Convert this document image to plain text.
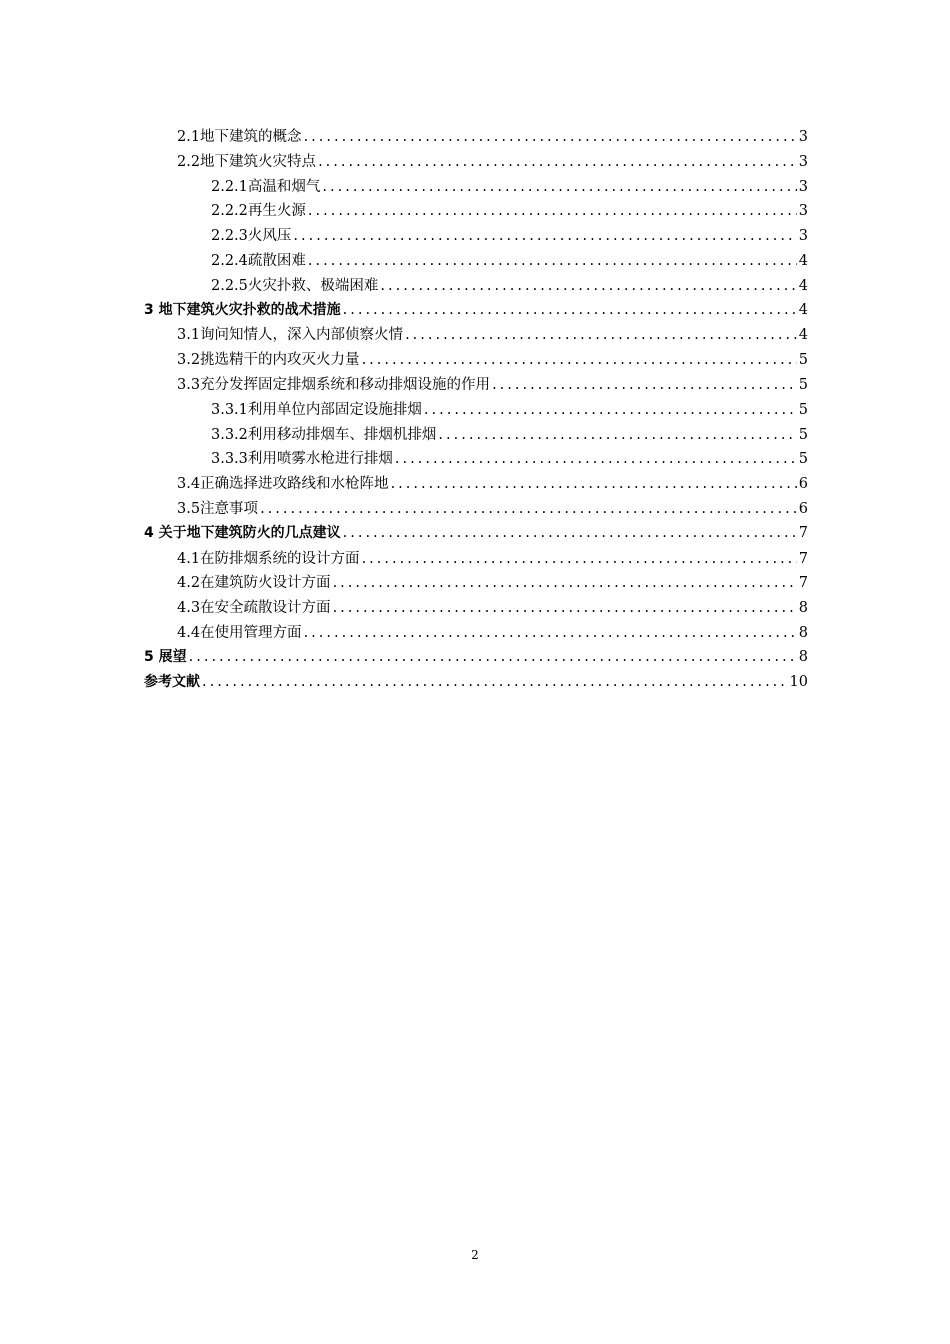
2.1地下建筑的概念 .....	3
2.2地下建筑火灾特点 .....	3
2.2.1高温和烟气 .....	3
2.2.2再生火源 .....	3
2.2.3火风压 .....	3
2.2.4疏散困难 .....	4
2.2.5火灾扑救、极端困难 .....	4
3 地下建筑火灾扑救的战术措施 .....	4
3.1询问知情人，深入内部侦察火情 .....	4
3.2挑选精干的内攻灭火力量 .....	5
3.3充分发挥固定排烟系统和移动排烟设施的作用 .....	5
3.3.1利用单位内部固定设施排烟 .....	5
3.3.2利用移动排烟车、排烟机排烟 .....	5
3.3.3利用喷雾水枪进行排烟 .....	5
3.4正确选择进攻路线和水枪阵地 .....	6
3.5注意事项 .....	6
4 关于地下建筑防火的几点建议 .....	7
4.1在防排烟系统的设计方面 .....	7
4.2在建筑防火设计方面 .....	7
4.3在安全疏散设计方面 .....	8
4.4在使用管理方面 .....	8
5 展望 .....	8
参考文献 .....	10
2
